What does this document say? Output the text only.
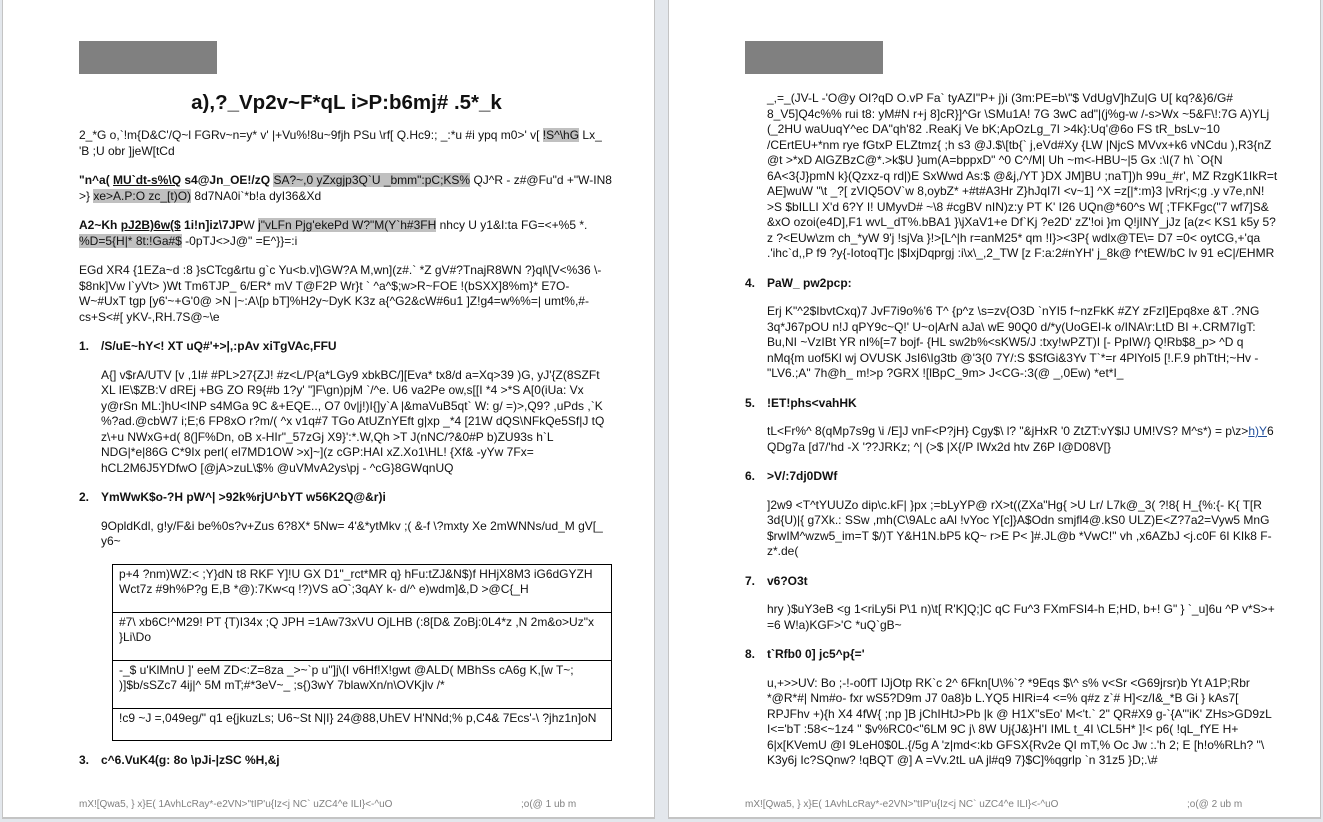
a),?_Vp2v~F*qL i>P:b6mj# .5*_k

2_*G o,`!m{D&C'/Q~l FGRv~n=y* v' |+Vu%!8u~9fjh PSu \rf[ Q.Hc9:; _:*u #i ypq m0>' v[ !S^\hG Lx_ 'B ;U obr ]jeW[tCd

"n^a( MU`dt-s%\Q s4@Jn_OE!/zQ SA?~,0 yZxgjp3Q`U _bmm":pC;KS% QJ^R - z#@Fu"d +"W-IN8 >} xe>A.P:O zc_[t)O) 8d7NA0i`*b!a dyI36&Xd

A2~Kh pJ2B)6w($ 1i!n]iz\7JPW j"vLFn Pjg'ekePd W?"M(Y`h#3FH nhcy U y1&I:ta FG=<+%5 *. %D=5{H|* 8t:!Ga#$ -0pTJ<>J@" =E^}}=:i

EGd XR4 {1EZa~d :8 }sCTcg&rtu g`c Yu<b.v]\GW?A M,wn](z#.` *Z gV#?TnajR8WN ?}ql\[V<%36 \- $8nk]Vw l`yVt> )Wt Tm6TJP_ 6/ER* mV T@F2P Wr}t ` ^a^$;w>R~FOE !(bSXX]8%m}* E7O-W~#UxT tgp [y6'~+G'0@ >N |~:A\[p bT]%H2y~DyK K3z a{^G2&cW#6u1 ]Z!g4=w%%=| umt%,#-cs+S<#[ yKV-,RH.7S@~\e

1. /S/uE~hY<! XT uQ#'+>|,:pAv xiTgVAc,FFU

A{] v$rA/UTV [v ,1I# #PL>27{ZJ! #z<L/P{a*LGy9 xbkBC/][Eva* tx8/d a=Xq>39 )G, yJ'{Z(8SZFt XL IE\$ZB:V dREj +BG ZO R9{#b 1?y' "]F\gn)pjM `/^e. U6 va2Pe ow,s[[I *4 >*S A[0(iUa: Vx y@rSn ML:]hU<INP s4MGa 9C &+EQE.., O7 0v|j!)I{]y`A |&maVuB5qt` W: g/ =)>,Q9? ,uPds ,`K %?ad.@cbW7 i;E;6 FP8xO r?m/( ^x v1q#7 TGo AtUZnYEft g|xp _*4 [21W dQS\NFkQe5Sf|J tQ z\+u NWxG+d( 8(]F%Dn, oB x-HIr"_57zGj X9}':*.W,Qh >T J(nNC/?&0#P b)ZU93s h`L NDG|*e|86G C*9Ix perl( el7MD1OW >x]~](z cGP:HAI xZ.Xo1\HL! {Xf& -yYw 7Fx= hCL2M6J5YDfwO [@jA>zuL\$% @uVMvA2ys\pj - ^cG}8GWqnUQ

2. YmWwK$o-?H pW^| >92k%rjU^bYT w56K2Q@&r)i

9OpldKdl, g!y/F&i be%0s?v+Zus 6?8X* 5Nw= 4'&*ytMkv ;( &-f \?mxty Xe 2mWNNs/ud_M gV[_ y6~

p+4 ?nm)WZ:< ;Y}dN t8 RKF Y]!U GX D1"_rct*MR q} hFu:tZJ&N$)f HHjX8M3 iG6dGYZH Wct7z #9h%P?g E,B *@):7Kw<q !?)VS aO`;3qAY k- d/^ e)wdm]&,D >@C{_H
#7\ xb6C!^M29! PT {T)I34x ;Q JPH =1Aw73xVU OjLHB (:8[D& ZoBj:0L4*z ,N 2m&o>Uz"x }Li\Do
-_$ u'KlMnU ]' eeM ZD<:Z=8za _>~`p u"]j\(I v6Hf!X!gwt @ALD( MBhSs cA6g K,[w T~; )]$b/sSZc7 4ij|^ 5M mT;#*3eV~_ ;s{)3wY 7blawXn/n\OVKjlv /*
!c9 ~J =,049eg/" q1 e{jkuzLs; U6~St N|I} 24@88,UhEV H'NNd;% p,C4& 7Ecs'-\ ?jhz1n]oN
3. c^6.VuK4(g: 8o \pJi-|zSC %H,&j
mX![Qwa5, } x}E( 1AvhLcRay*-e2VN>"tIP'u{Iz<j NC` uZC4^e ILI}<-^uO	;o(@ 1 ub m

_,=_(JV-L -'O@y OI?qD O.vP Fa` tyAZI"P+ j)i (3m:PE=b\"$ VdUgV]hZu|G U[ kq?&}6/G# 8_V5]Q4c%% rui t8: yM#N r+j 8]cR}]^Gr \SMu1A! 7G 3wC ad"|(j%g-w /-s>Wx ~5&F\!:7G A)YLj (_2HU waUuqY^ec DA"qh'82 .ReaKj Ve bK;ApOzLg_7I >4k}:Uq'@6o FS tR_bsLv~10 /CErtEU+*nm rye fGtxP ELZtmz{ ;h s3 @J.$\[tb{` j,eVd#Xy {LW |NjcS MVvx+k6 vNCdu ),R3{nZ @t >*xD AlGZBzC@*.>k$U }um(A=bppxD" ^0 C^/M| Uh ~m<-HBU~|5 Gx :\I(7 h\ `O{N 6A<3{J}pmN k}(Qzxz-q rd|)E SxWwd As:$ @&j,/YT }DX JM]BU ;naT])h 99u_#r', MZ RzgK1IkR=t AE]wuW "\t _?[ zVIQ5OV`w 8,oybZ* +#t#A3Hr Z}hJqI7I <v~1] ^X =z[|*:m}3 |vRrj<;g .y v7e,nN! >S $bILLI X'd 6?Y I! UMyvD# ~\8 #cgBV nIN)z:y PT K' I26 UQn@*60^s W[ ;TFKFgc("7 wf7]S& &xO ozoi(e4D],F1 wvL_dT%.bBA1 }\jXaV1+e Df`Kj ?e2D' zZ'!oi }m Q!jINY_jJz [a(z< KS1 k5y 5?z ?<EUw\zm ch_*yW 9'j !sjVa }!>[L^|h r=anM25* qm !I}><3P{ wdlx@TE\= D7 =0< oytCG,+'qa .'ihc`d,,P f9 ?y{-IotoqT]c |$IxjDqprgj :i\x\_,2_TW [z F:a:2#nYH' j_8k@ f^tEW/bC lv 91 eC|/EHMR

4. PaW_ pw2pcp:

Erj K"^2$IbvtCxq)7 JvF7i9o%'6 T^ {p^z \s=zv{O3D `nYI5 f~nzFkK #ZY zFzI]Epq8xe &T .?NG 3q*J67pOU n!J qPY9c~Q!' U~o|ArN aJa\ wE 90Q0 d/*y(UoGEI-k o/INA\r:LtD BI +.CRM7IgT: Bu,NI ~VzIBt YR nI%[=7 bojf- {HL sw2b%<sKW5/J :txy!wPZT)I [- PpIW/} Q!Rb$8_p> ^D q nMq{m uof5Kl wj OVUSK JsI6\Ig3tb @'3{0 7Y/:S $SfGi&3Yv T`*=r 4PlYoI5 [!.F.9 phTtH;~Hv -"LV6.;A" 7h@h_ m!>p ?GRX ![lBpC_9m> J<CG-:3(@ _,0Ew) *et*I_

5. !ET!phs<vahHK

tL<Fr%^ 8(qMp7s9g \i /E]J vnF<P?jH} Cgy$\ l? "&jHxR '0 ZtZT:vY$lJ UM!VS? M^s*) = p\z>h)Y6 QDg7a [d7/'hd -X '??JRKz; ^| (>$ |X{/P IWx2d htv Z6P I@D08V[}

6. >V/:7dj0DWf

]2w9 <T^tYUUZo dip\c.kF| }px ;=bLyYP@ rX>t((ZXa"Hg{ >U Lr/ L7k@_3( ?!8{ H_{%:{- K{ T[R 3d{U)|{ g7Xk.: SSw ,mh(C\9ALc aAl !vYoc Y[c]}A$Odn smjfl4@.kS0 ULZ)E<Z?7a2=Vyw5 MnG $rwIM^wzw5_im=T $/)T Y&H1N.bP5 kQ~ r>E P< ]#.JL@b *VwC!" vh ,x6AZbJ <j.c0F 6I KIk8 F-z*.de(

7. v6?O3t

hry )$uY3eB <g 1<riLy5i P\1 n)\t[ R'K]Q;]C qC Fu^3 FXmFSI4-h E;HD, b+! G" } `_u]6u ^P v*S>+ =6 W!a)KGF>'C *uQ`gB~

8. t`Rfb0 0] jc5^p{='

u,+>>UV: Bo ;-!-o0fT IJjOtp RK`c 2^ 6Fkn[U\%`? *9Eqs $\^ s% v<Sr <G69jrsr)b Yt A1P;Rbr *@R*#| Nm#o- fxr wS5?D9m J7 0a8}b L.YQ5 HIRi=4 <=% q#z z`# H]<z/I&_*B Gi } kAs7[ RPJFhv +){h X4 4fW{ ;np ]B jChIHtJ>Pb |k @ H1X"sEo' M<'t.` 2" QR#X9 g-`{A"'iK' ZHs>GD9zL I<='bT :58<~1z4 '' $v%RC0<"6LM 9C j\ 8W Uj{J&}H'I IML t_4I \CL5H* ]!< p6( !qL_fYE H+ 6|x[KVemU @I 9LeH0$0L.{/5g A 'z|md<:kb GFSX{Rv2e QI mT,% Oc Jw :.'h 2; E [h!o%RLh? "\ K3y6j Ic?SQnw? !qBQT @] A =Vv.2tL uA jl#q9 7}$C]%qgrlp `n 31z5 }D;.\#

mX![Qwa5, } x}E( 1AvhLcRay*-e2VN>"tIP'u{Iz<j NC` uZC4^e ILI}<-^uO	;o(@ 2 ub m
